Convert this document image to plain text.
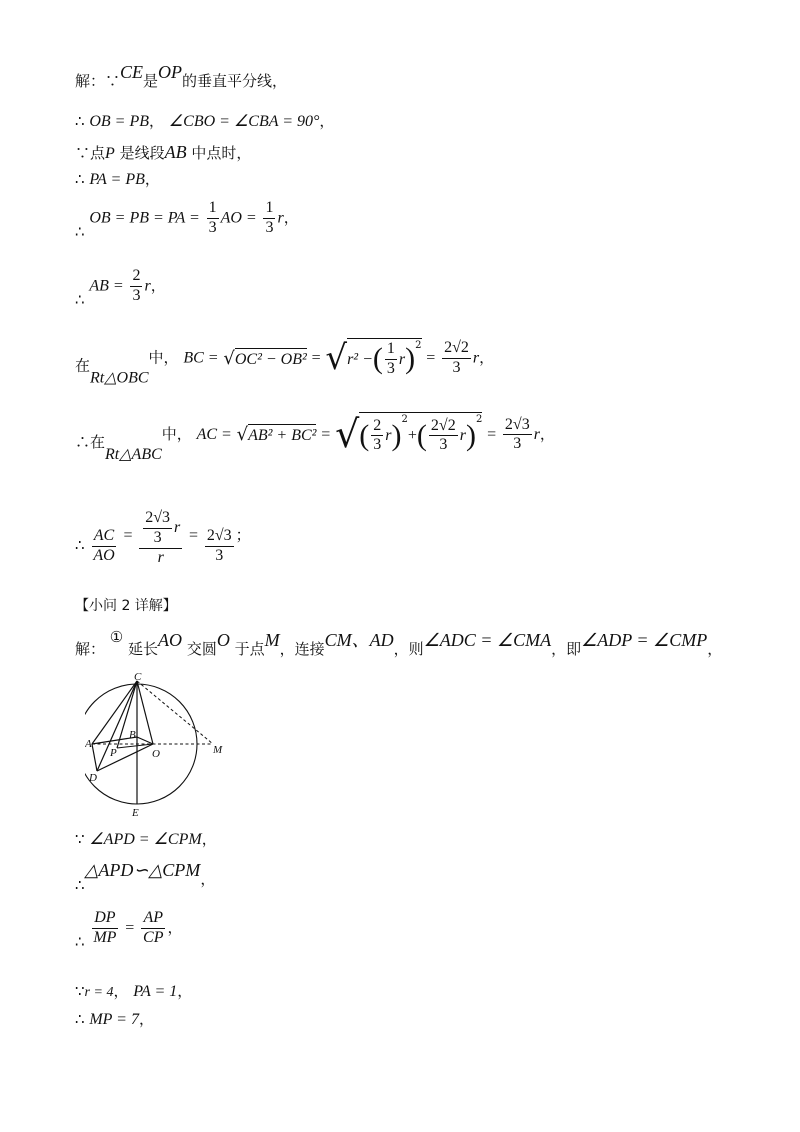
解：∵CE是OP的垂直平分线，
∴ OB = PB， ∠CBO = ∠CBA = 90°，
∵点P 是线段AB 中点时，
∴ PA = PB，
∴ OB = PB = PA = $\frac{1}{3}$ AO = $\frac{1}{3}$ r，
∴ AB = $\frac{2}{3}$ r，
在Rt△OBC中， BC = √ OC² − OB² = √ r² − ( $\frac{1}{3}$ r )$^2$
= $\frac{2√2}{3}$ r，
∴在Rt△ABC中， AC = √ AB² + BC² = √ ( $\frac{2}{3}$ r )$^2$
+ ( $\frac{2√2}{3}$ r )$^2$
= $\frac{2√3}{3}$ r，
∴ $\frac{AC}{AO} = \frac{\frac{2√3}{3} r}{r} = \frac{2√3}{3}$ ；
【小问 2 详解】
解： ① 延长AO 交圆O 于点M，连接CM、AD，则∠ADC = ∠CMA，即∠ADP = ∠CMP，
C
A
B
P	O	M
D
E
∵ ∠APD = ∠CPM，
∴△APD∽△CPM，
∴ $\frac{DP}{MP} = \frac{AP}{CP}$ ，
∵r = 4， PA = 1，
∴ MP = 7，
